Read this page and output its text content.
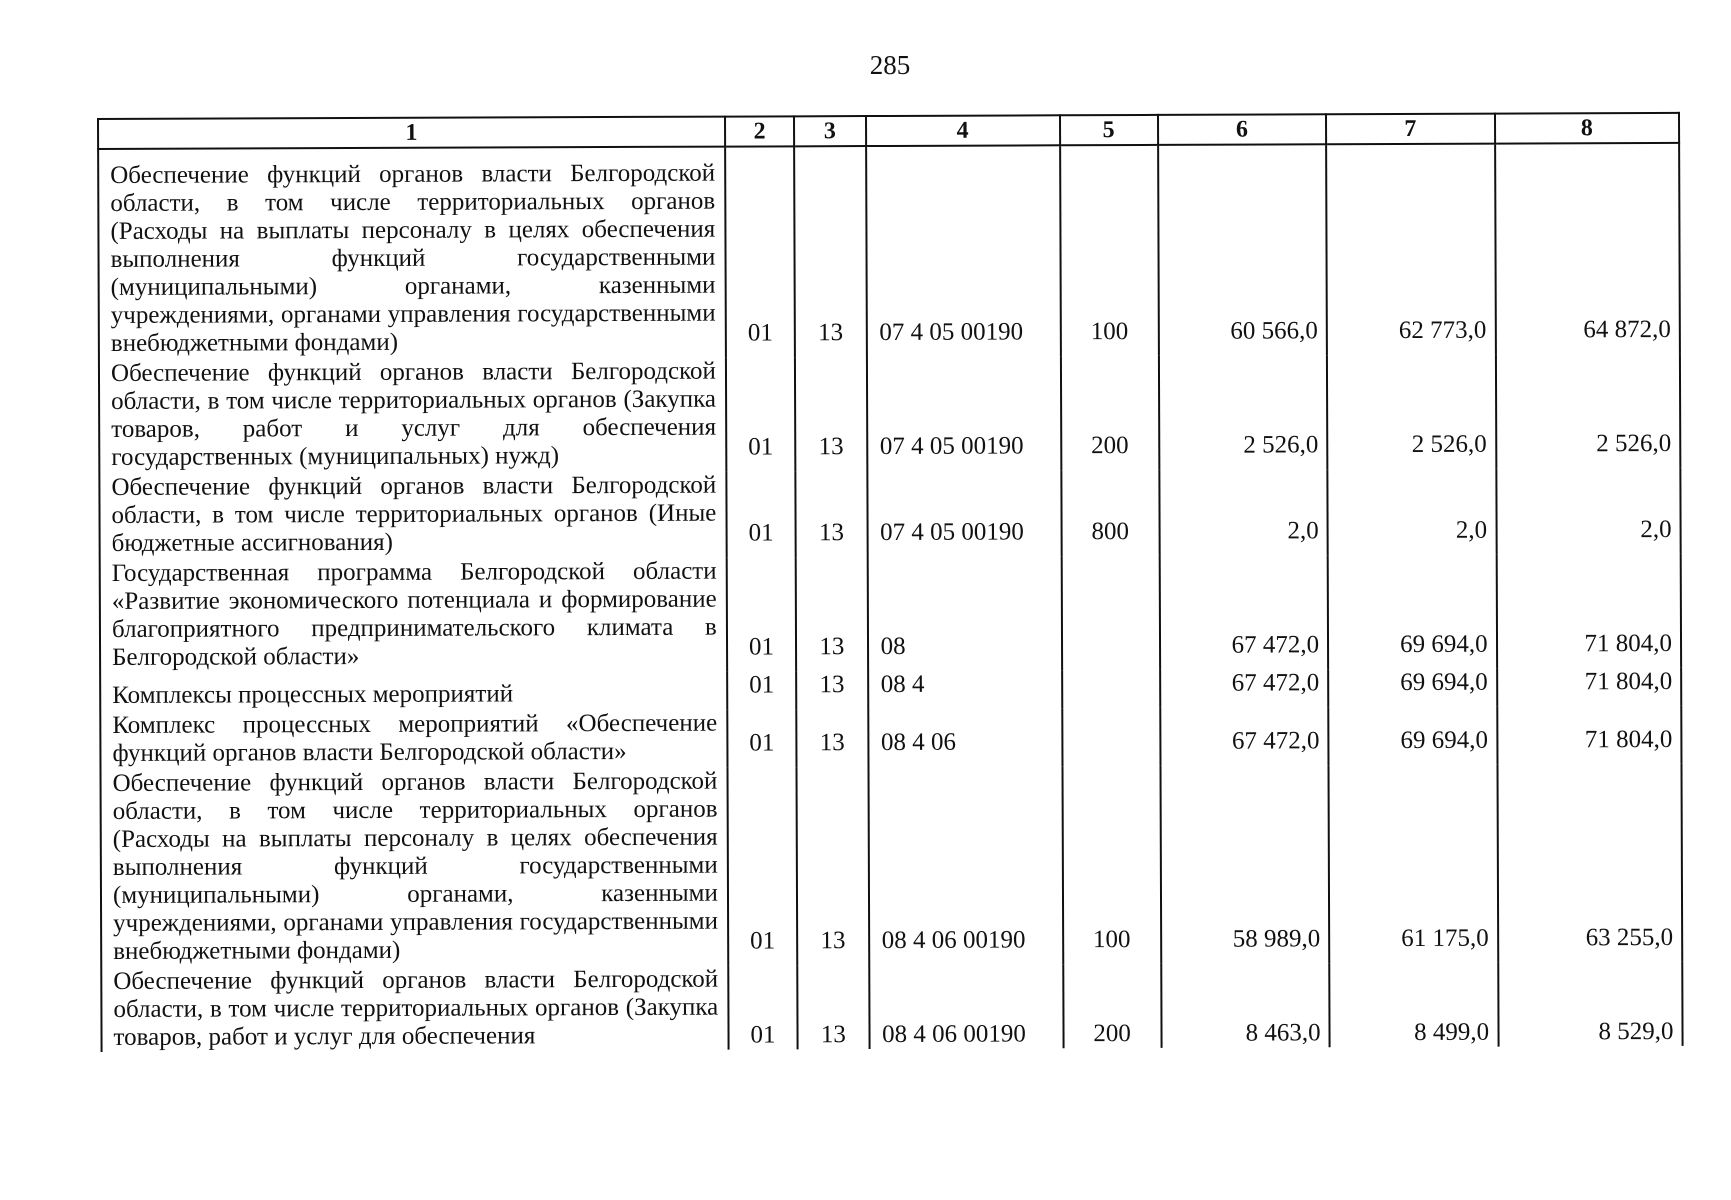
285
1	2	3	4	5	6	7	8
Обеспечение функций органов власти Белгородской области, в том числе территориальных органов (Расходы на выплаты персоналу в целях обеспечения выполнения функций государственными (муниципальными) органами, казенными учреждениями, органами управления государственными внебюджетными фондами)	01	13	07 4 05 00190	100	60 566,0	62 773,0	64 872,0
Обеспечение функций органов власти Белгородской области, в том числе территориальных органов (Закупка товаров, работ и услуг для обеспечения государственных (муниципальных) нужд)	01	13	07 4 05 00190	200	2 526,0	2 526,0	2 526,0
Обеспечение функций органов власти Белгородской области, в том числе территориальных органов (Иные бюджетные ассигнования)	01	13	07 4 05 00190	800	2,0	2,0	2,0
Государственная программа Белгородской области «Развитие экономического потенциала и формирование благоприятного предпринимательского климата в Белгородской области»	01	13	08		67 472,0	69 694,0	71 804,0
Комплексы процессных мероприятий	01	13	08 4		67 472,0	69 694,0	71 804,0
Комплекс процессных мероприятий «Обеспечение функций органов власти Белгородской области»	01	13	08 4 06		67 472,0	69 694,0	71 804,0
Обеспечение функций органов власти Белгородской области, в том числе территориальных органов (Расходы на выплаты персоналу в целях обеспечения выполнения функций государственными (муниципальными) органами, казенными учреждениями, органами управления государственными внебюджетными фондами)	01	13	08 4 06 00190	100	58 989,0	61 175,0	63 255,0
Обеспечение функций органов власти Белгородской области, в том числе территориальных органов (Закупка товаров, работ и услуг для обеспечения	01	13	08 4 06 00190	200	8 463,0	8 499,0	8 529,0
